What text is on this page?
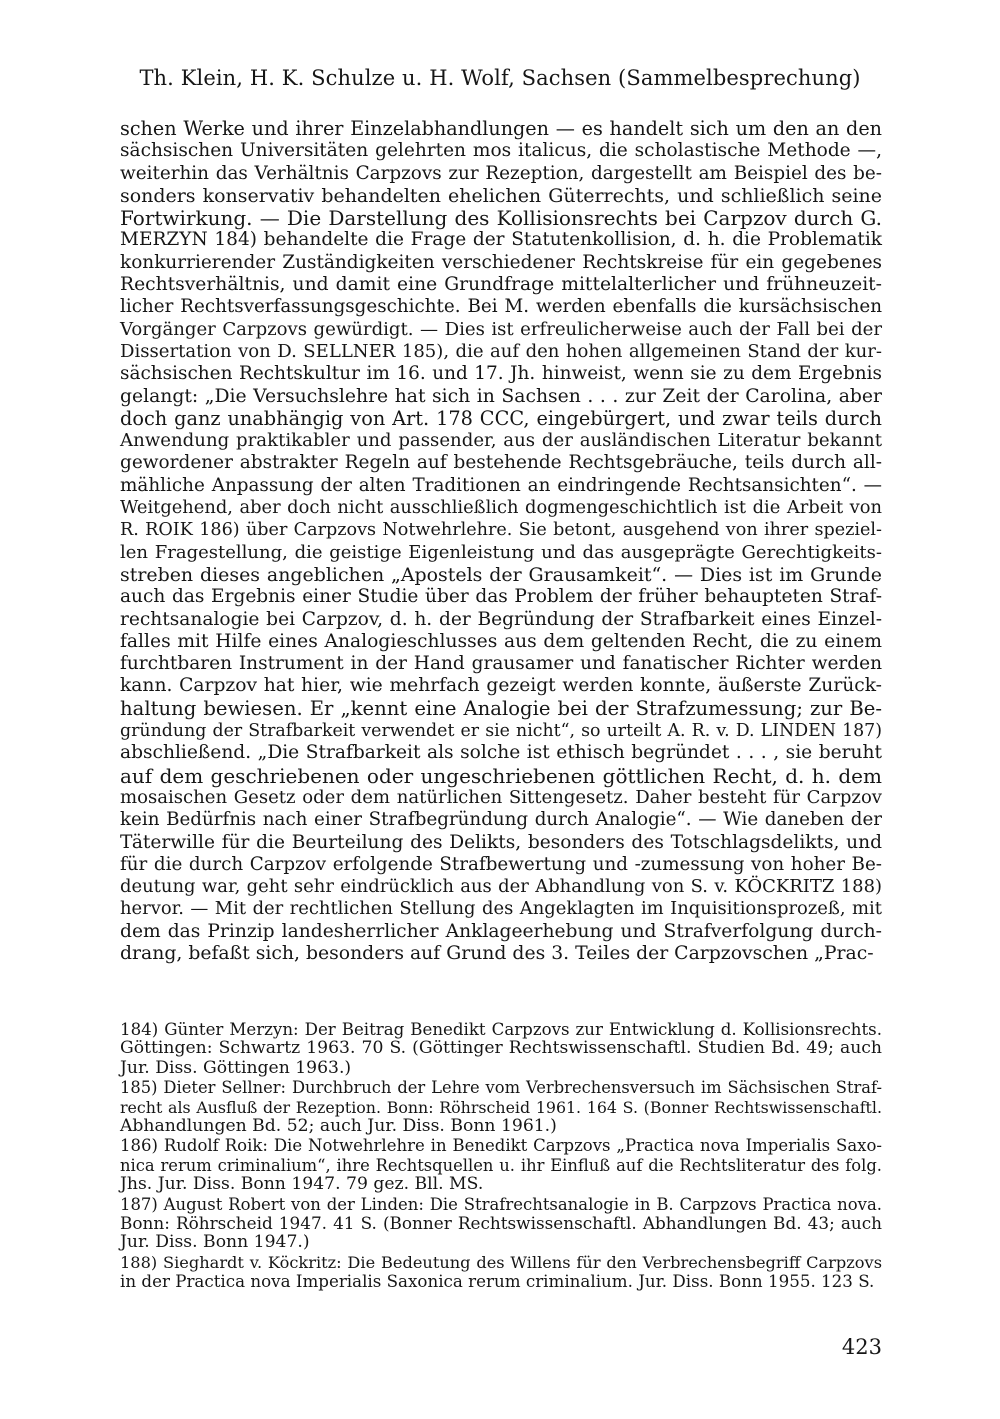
Th. Klein, H. K. Schulze u. H. Wolf, Sachsen (Sammelbesprechung)
schen Werke und ihrer Einzelabhandlungen — es handelt sich um den an den
sächsischen Universitäten gelehrten mos italicus, die scholastische Methode —,
weiterhin das Verhältnis Carpzovs zur Rezeption, dargestellt am Beispiel des be-
sonders konservativ behandelten ehelichen Güterrechts, und schließlich seine
Fortwirkung. — Die Darstellung des Kollisionsrechts bei Carpzov durch G.
MERZYN 184) behandelte die Frage der Statutenkollision, d. h. die Problematik
konkurrierender Zuständigkeiten verschiedener Rechtskreise für ein gegebenes
Rechtsverhältnis, und damit eine Grundfrage mittelalterlicher und frühneuzeit-
licher Rechtsverfassungsgeschichte. Bei M. werden ebenfalls die kursächsischen
Vorgänger Carpzovs gewürdigt. — Dies ist erfreulicherweise auch der Fall bei der
Dissertation von D. SELLNER 185), die auf den hohen allgemeinen Stand der kur-
sächsischen Rechtskultur im 16. und 17. Jh. hinweist, wenn sie zu dem Ergebnis
gelangt: „Die Versuchslehre hat sich in Sachsen . . . zur Zeit der Carolina, aber
doch ganz unabhängig von Art. 178 CCC, eingebürgert, und zwar teils durch
Anwendung praktikabler und passender, aus der ausländischen Literatur bekannt
gewordener abstrakter Regeln auf bestehende Rechtsgebräuche, teils durch all-
mähliche Anpassung der alten Traditionen an eindringende Rechtsansichten“. —
Weitgehend, aber doch nicht ausschließlich dogmengeschichtlich ist die Arbeit von
R. ROIK 186) über Carpzovs Notwehrlehre. Sie betont, ausgehend von ihrer speziel-
len Fragestellung, die geistige Eigenleistung und das ausgeprägte Gerechtigkeits-
streben dieses angeblichen „Apostels der Grausamkeit“. — Dies ist im Grunde
auch das Ergebnis einer Studie über das Problem der früher behaupteten Straf-
rechtsanalogie bei Carpzov, d. h. der Begründung der Strafbarkeit eines Einzel-
falles mit Hilfe eines Analogieschlusses aus dem geltenden Recht, die zu einem
furchtbaren Instrument in der Hand grausamer und fanatischer Richter werden
kann. Carpzov hat hier, wie mehrfach gezeigt werden konnte, äußerste Zurück-
haltung bewiesen. Er „kennt eine Analogie bei der Strafzumessung; zur Be-
gründung der Strafbarkeit verwendet er sie nicht“, so urteilt A. R. v. D. LINDEN 187)
abschließend. „Die Strafbarkeit als solche ist ethisch begründet . . . , sie beruht
auf dem geschriebenen oder ungeschriebenen göttlichen Recht, d. h. dem
mosaischen Gesetz oder dem natürlichen Sittengesetz. Daher besteht für Carpzov
kein Bedürfnis nach einer Strafbegründung durch Analogie“. — Wie daneben der
Täterwille für die Beurteilung des Delikts, besonders des Totschlagsdelikts, und
für die durch Carpzov erfolgende Strafbewertung und -zumessung von hoher Be-
deutung war, geht sehr eindrücklich aus der Abhandlung von S. v. KÖCKRITZ 188)
hervor. — Mit der rechtlichen Stellung des Angeklagten im Inquisitionsprozeß, mit
dem das Prinzip landesherrlicher Anklageerhebung und Strafverfolgung durch-
drang, befaßt sich, besonders auf Grund des 3. Teiles der Carpzovschen „Prac-
184) Günter Merzyn: Der Beitrag Benedikt Carpzovs zur Entwicklung d. Kollisionsrechts.
Göttingen: Schwartz 1963. 70 S. (Göttinger Rechtswissenschaftl. Studien Bd. 49; auch
Jur. Diss. Göttingen 1963.)
185) Dieter Sellner: Durchbruch der Lehre vom Verbrechensversuch im Sächsischen Straf-
recht als Ausfluß der Rezeption. Bonn: Röhrscheid 1961. 164 S. (Bonner Rechtswissenschaftl.
Abhandlungen Bd. 52; auch Jur. Diss. Bonn 1961.)
186) Rudolf Roik: Die Notwehrlehre in Benedikt Carpzovs „Practica nova Imperialis Saxo-
nica rerum criminalium“, ihre Rechtsquellen u. ihr Einfluß auf die Rechtsliteratur des folg.
Jhs. Jur. Diss. Bonn 1947. 79 gez. Bll. MS.
187) August Robert von der Linden: Die Strafrechtsanalogie in B. Carpzovs Practica nova.
Bonn: Röhrscheid 1947. 41 S. (Bonner Rechtswissenschaftl. Abhandlungen Bd. 43; auch
Jur. Diss. Bonn 1947.)
188) Sieghardt v. Köckritz: Die Bedeutung des Willens für den Verbrechensbegriff Carpzovs
in der Practica nova Imperialis Saxonica rerum criminalium. Jur. Diss. Bonn 1955. 123 S.
423
